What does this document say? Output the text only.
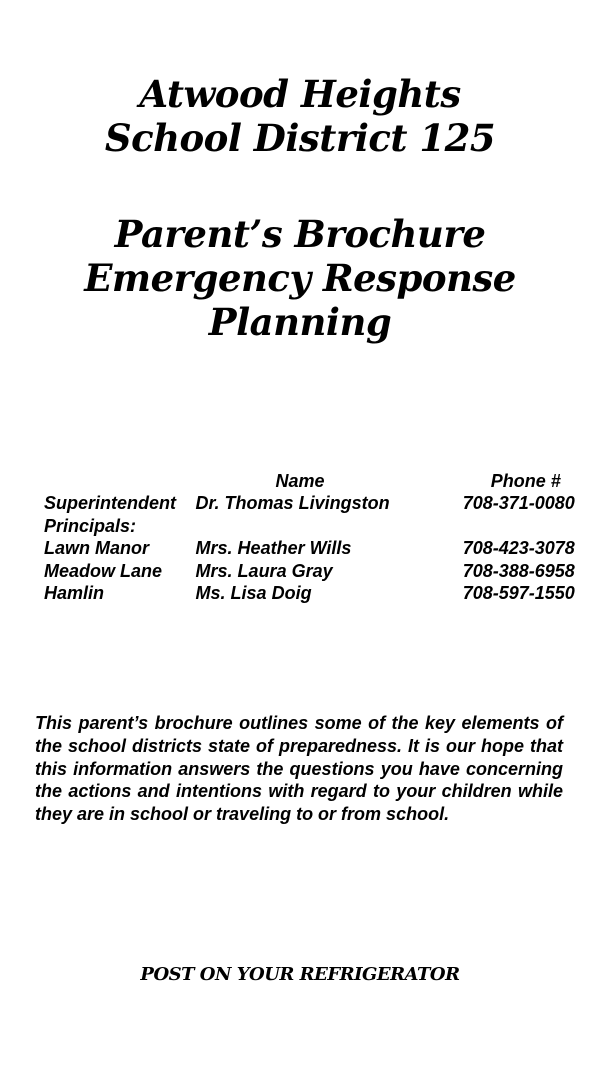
Atwood Heights
School District 125
Parent’s Brochure
Emergency Response
Planning
	Name	Phone #
Superintendent	Dr. Thomas Livingston	708-371-0080
Principals:		
Lawn Manor	Mrs. Heather Wills	708-423-3078
Meadow Lane	Mrs. Laura Gray	708-388-6958
Hamlin	Ms. Lisa Doig	708-597-1550

This parent’s brochure outlines some of the key elements of the school districts state of preparedness. It is our hope that this information answers the questions you have concerning the actions and intentions with regard to your children while they are in school or traveling to or from school.

POST ON YOUR REFRIGERATOR
